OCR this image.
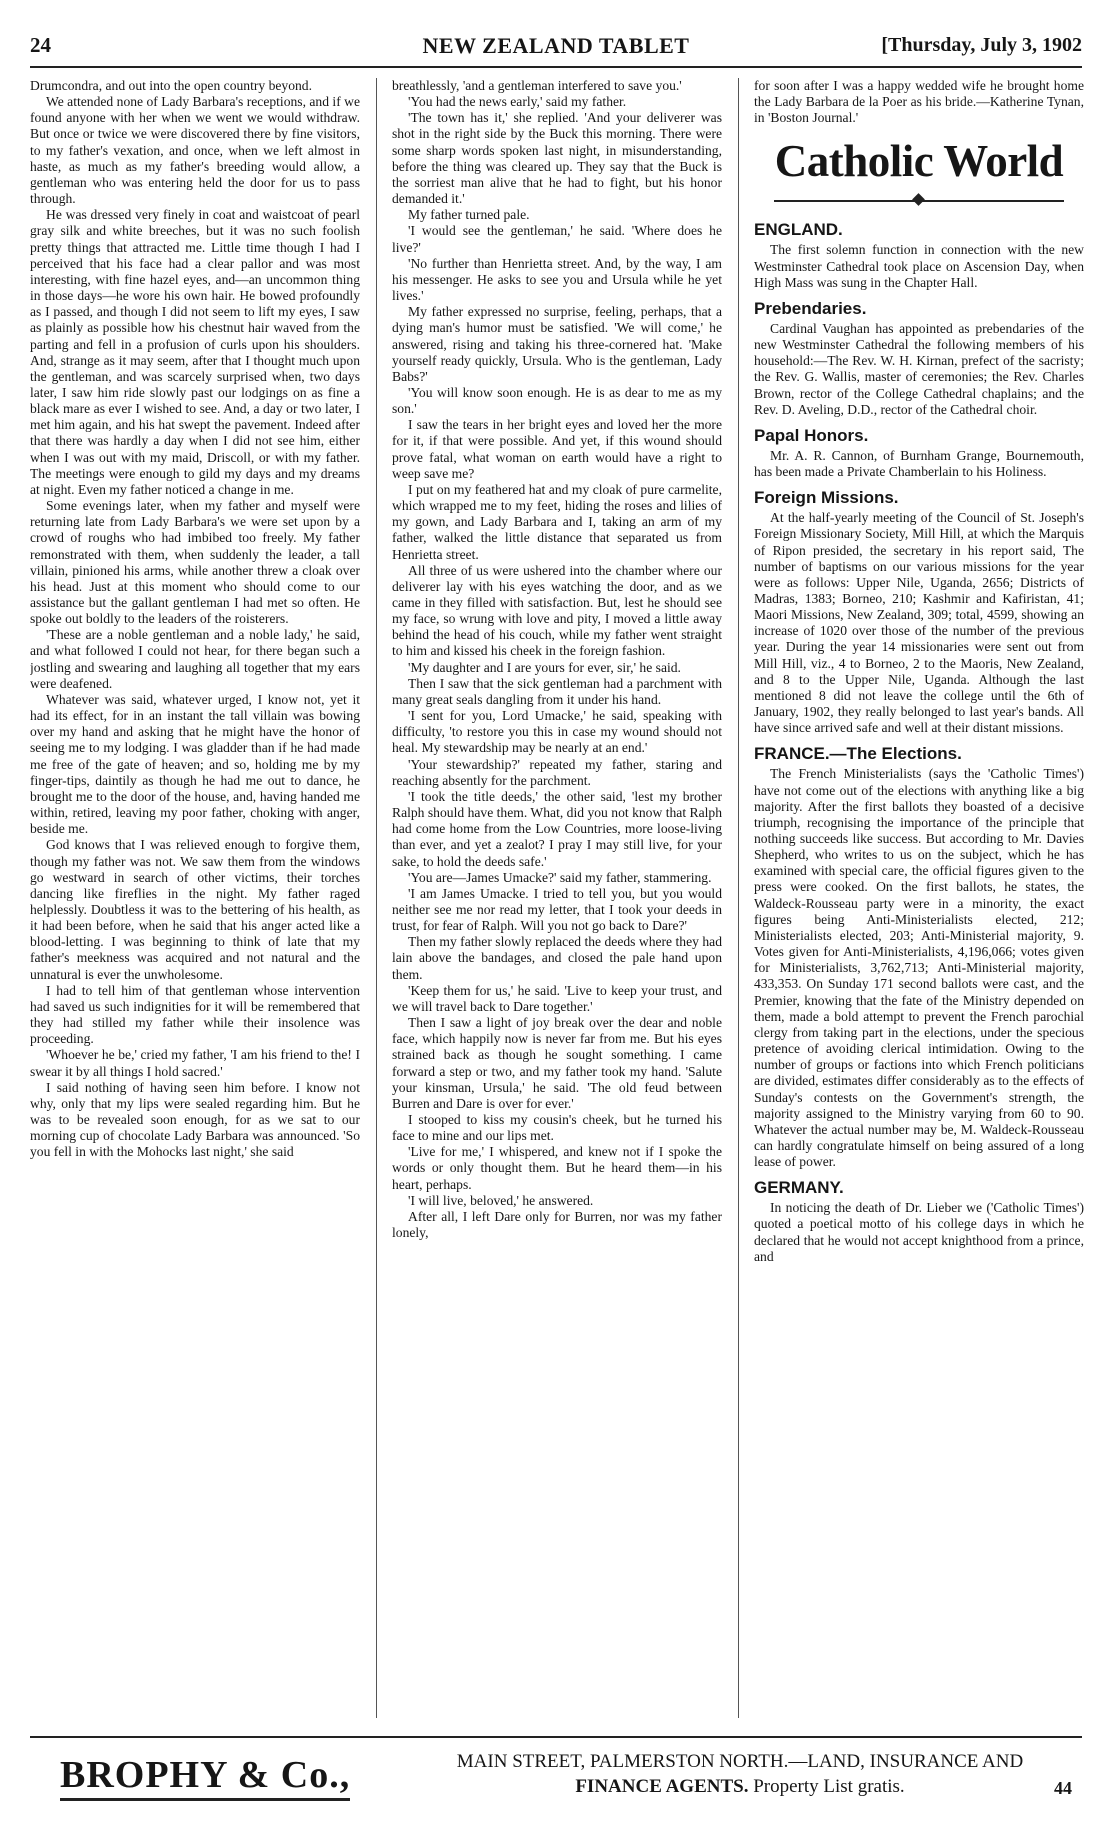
24	NEW ZEALAND TABLET	[Thursday, July 3, 1902

Drumcondra, and out into the open country beyond.

We attended none of Lady Barbara's receptions, and if we found anyone with her when we went we would withdraw. But once or twice we were discovered there by fine visitors, to my father's vexation, and once, when we left almost in haste, as much as my father's breeding would allow, a gentleman who was entering held the door for us to pass through.

He was dressed very finely in coat and waistcoat of pearl gray silk and white breeches, but it was no such foolish pretty things that attracted me. Little time though I had I perceived that his face had a clear pallor and was most interesting, with fine hazel eyes, and—an uncommon thing in those days—he wore his own hair. He bowed profoundly as I passed, and though I did not seem to lift my eyes, I saw as plainly as possible how his chestnut hair waved from the parting and fell in a profusion of curls upon his shoulders. And, strange as it may seem, after that I thought much upon the gentleman, and was scarcely surprised when, two days later, I saw him ride slowly past our lodgings on as fine a black mare as ever I wished to see. And, a day or two later, I met him again, and his hat swept the pavement. Indeed after that there was hardly a day when I did not see him, either when I was out with my maid, Driscoll, or with my father. The meetings were enough to gild my days and my dreams at night. Even my father noticed a change in me.

Some evenings later, when my father and myself were returning late from Lady Barbara's we were set upon by a crowd of roughs who had imbibed too freely. My father remonstrated with them, when suddenly the leader, a tall villain, pinioned his arms, while another threw a cloak over his head. Just at this moment who should come to our assistance but the gallant gentleman I had met so often. He spoke out boldly to the leaders of the roisterers.

'These are a noble gentleman and a noble lady,' he said, and what followed I could not hear, for there began such a jostling and swearing and laughing all together that my ears were deafened.

Whatever was said, whatever urged, I know not, yet it had its effect, for in an instant the tall villain was bowing over my hand and asking that he might have the honor of seeing me to my lodging. I was gladder than if he had made me free of the gate of heaven; and so, holding me by my finger-tips, daintily as though he had me out to dance, he brought me to the door of the house, and, having handed me within, retired, leaving my poor father, choking with anger, beside me.

God knows that I was relieved enough to forgive them, though my father was not. We saw them from the windows go westward in search of other victims, their torches dancing like fireflies in the night. My father raged helplessly. Doubtless it was to the bettering of his health, as it had been before, when he said that his anger acted like a blood-letting. I was beginning to think of late that my father's meekness was acquired and not natural and the unnatural is ever the unwholesome.

I had to tell him of that gentleman whose intervention had saved us such indignities for it will be remembered that they had stilled my father while their insolence was proceeding.

'Whoever he be,' cried my father, 'I am his friend to the! I swear it by all things I hold sacred.'

I said nothing of having seen him before. I know not why, only that my lips were sealed regarding him. But he was to be revealed soon enough, for as we sat to our morning cup of chocolate Lady Barbara was announced. 'So you fell in with the Mohocks last night,' she said

breathlessly, 'and a gentleman interfered to save you.'

'You had the news early,' said my father.

'The town has it,' she replied. 'And your deliverer was shot in the right side by the Buck this morning. There were some sharp words spoken last night, in misunderstanding, before the thing was cleared up. They say that the Buck is the sorriest man alive that he had to fight, but his honor demanded it.'

My father turned pale.

'I would see the gentleman,' he said. 'Where does he live?'

'No further than Henrietta street. And, by the way, I am his messenger. He asks to see you and Ursula while he yet lives.'

My father expressed no surprise, feeling, perhaps, that a dying man's humor must be satisfied. 'We will come,' he answered, rising and taking his three-cornered hat. 'Make yourself ready quickly, Ursula. Who is the gentleman, Lady Babs?'

'You will know soon enough. He is as dear to me as my son.'

I saw the tears in her bright eyes and loved her the more for it, if that were possible. And yet, if this wound should prove fatal, what woman on earth would have a right to weep save me?

I put on my feathered hat and my cloak of pure carmelite, which wrapped me to my feet, hiding the roses and lilies of my gown, and Lady Barbara and I, taking an arm of my father, walked the little distance that separated us from Henrietta street.

All three of us were ushered into the chamber where our deliverer lay with his eyes watching the door, and as we came in they filled with satisfaction. But, lest he should see my face, so wrung with love and pity, I moved a little away behind the head of his couch, while my father went straight to him and kissed his cheek in the foreign fashion.

'My daughter and I are yours for ever, sir,' he said.

Then I saw that the sick gentleman had a parchment with many great seals dangling from it under his hand.

'I sent for you, Lord Umacke,' he said, speaking with difficulty, 'to restore you this in case my wound should not heal. My stewardship may be nearly at an end.'

'Your stewardship?' repeated my father, staring and reaching absently for the parchment.

'I took the title deeds,' the other said, 'lest my brother Ralph should have them. What, did you not know that Ralph had come home from the Low Countries, more loose-living than ever, and yet a zealot? I pray I may still live, for your sake, to hold the deeds safe.'

'You are—James Umacke?' said my father, stammering.

'I am James Umacke. I tried to tell you, but you would neither see me nor read my letter, that I took your deeds in trust, for fear of Ralph. Will you not go back to Dare?'

Then my father slowly replaced the deeds where they had lain above the bandages, and closed the pale hand upon them.

'Keep them for us,' he said. 'Live to keep your trust, and we will travel back to Dare together.'

Then I saw a light of joy break over the dear and noble face, which happily now is never far from me. But his eyes strained back as though he sought something. I came forward a step or two, and my father took my hand. 'Salute your kinsman, Ursula,' he said. 'The old feud between Burren and Dare is over for ever.'

I stooped to kiss my cousin's cheek, but he turned his face to mine and our lips met.

'Live for me,' I whispered, and knew not if I spoke the words or only thought them. But he heard them—in his heart, perhaps.

'I will live, beloved,' he answered.

After all, I left Dare only for Burren, nor was my father lonely,

for soon after I was a happy wedded wife he brought home the Lady Barbara de la Poer as his bride.—Katherine Tynan, in 'Boston Journal.'

Catholic World
ENGLAND.

The first solemn function in connection with the new Westminster Cathedral took place on Ascension Day, when High Mass was sung in the Chapter Hall.

Prebendaries.

Cardinal Vaughan has appointed as prebendaries of the new Westminster Cathedral the following members of his household:—The Rev. W. H. Kirnan, prefect of the sacristy; the Rev. G. Wallis, master of ceremonies; the Rev. Charles Brown, rector of the College Cathedral chaplains; and the Rev. D. Aveling, D.D., rector of the Cathedral choir.

Papal Honors.

Mr. A. R. Cannon, of Burnham Grange, Bournemouth, has been made a Private Chamberlain to his Holiness.

Foreign Missions.

At the half-yearly meeting of the Council of St. Joseph's Foreign Missionary Society, Mill Hill, at which the Marquis of Ripon presided, the secretary in his report said, The number of baptisms on our various missions for the year were as follows: Upper Nile, Uganda, 2656; Districts of Madras, 1383; Borneo, 210; Kashmir and Kafiristan, 41; Maori Missions, New Zealand, 309; total, 4599, showing an increase of 1020 over those of the number of the previous year. During the year 14 missionaries were sent out from Mill Hill, viz., 4 to Borneo, 2 to the Maoris, New Zealand, and 8 to the Upper Nile, Uganda. Although the last mentioned 8 did not leave the college until the 6th of January, 1902, they really belonged to last year's bands. All have since arrived safe and well at their distant missions.

FRANCE.—The Elections.

The French Ministerialists (says the 'Catholic Times') have not come out of the elections with anything like a big majority. After the first ballots they boasted of a decisive triumph, recognising the importance of the principle that nothing succeeds like success. But according to Mr. Davies Shepherd, who writes to us on the subject, which he has examined with special care, the official figures given to the press were cooked. On the first ballots, he states, the Waldeck-Rousseau party were in a minority, the exact figures being Anti-Ministerialists elected, 212; Ministerialists elected, 203; Anti-Ministerial majority, 9. Votes given for Anti-Ministerialists, 4,196,066; votes given for Ministerialists, 3,762,713; Anti-Ministerial majority, 433,353. On Sunday 171 second ballots were cast, and the Premier, knowing that the fate of the Ministry depended on them, made a bold attempt to prevent the French parochial clergy from taking part in the elections, under the specious pretence of avoiding clerical intimidation. Owing to the number of groups or factions into which French politicians are divided, estimates differ considerably as to the effects of Sunday's contests on the Government's strength, the majority assigned to the Ministry varying from 60 to 90. Whatever the actual number may be, M. Waldeck-Rousseau can hardly congratulate himself on being assured of a long lease of power.

GERMANY.

In noticing the death of Dr. Lieber we ('Catholic Times') quoted a poetical motto of his college days in which he declared that he would not accept knighthood from a prince, and

BROPHY & Co.,	MAIN STREET, PALMERSTON NORTH.—LAND, INSURANCE AND
FINANCE AGENTS. Property List gratis.	44
